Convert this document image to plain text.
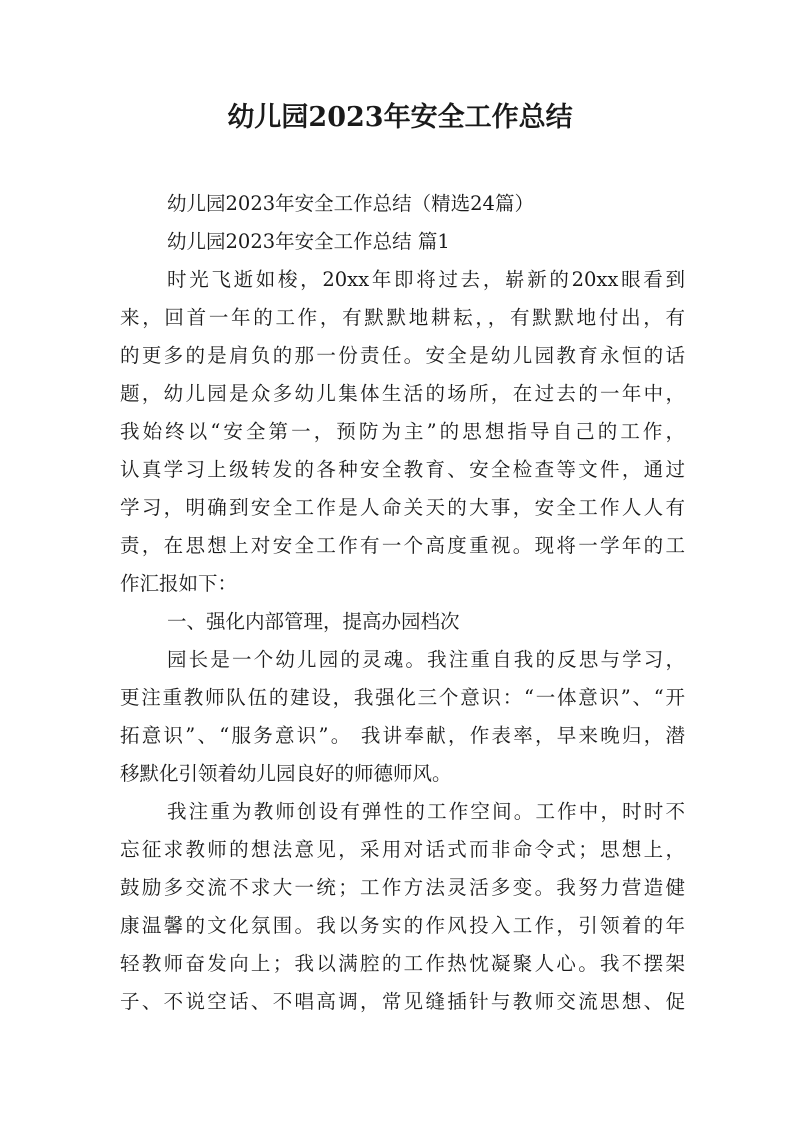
幼儿园2023年安全工作总结

幼儿园2023年安全工作总结（精选24篇）

幼儿园2023年安全工作总结 篇1

时光飞逝如梭，20xx年即将过去，崭新的20xx眼看到

来，回首一年的工作，有默默地耕耘，，有默默地付出，有

的更多的是肩负的那一份责任。安全是幼儿园教育永恒的话

题，幼儿园是众多幼儿集体生活的场所，在过去的一年中，

我始终以“安全第一，预防为主”的思想指导自己的工作，

认真学习上级转发的各种安全教育、安全检查等文件，通过

学习，明确到安全工作是人命关天的大事，安全工作人人有

责，在思想上对安全工作有一个高度重视。现将一学年的工

作汇报如下：

一、强化内部管理，提高办园档次

园长是一个幼儿园的灵魂。我注重自我的反思与学习，

更注重教师队伍的建设，我强化三个意识：“一体意识”、“开

拓意识”、“服务意识”。 我讲奉献，作表率，早来晚归，潜

移默化引领着幼儿园良好的师德师风。

我注重为教师创设有弹性的工作空间。工作中，时时不

忘征求教师的想法意见，采用对话式而非命令式；思想上，

鼓励多交流不求大一统；工作方法灵活多变。我努力营造健

康温馨的文化氛围。我以务实的作风投入工作，引领着的年

轻教师奋发向上；我以满腔的工作热忱凝聚人心。我不摆架

子、不说空话、不唱高调，常见缝插针与教师交流思想、促
